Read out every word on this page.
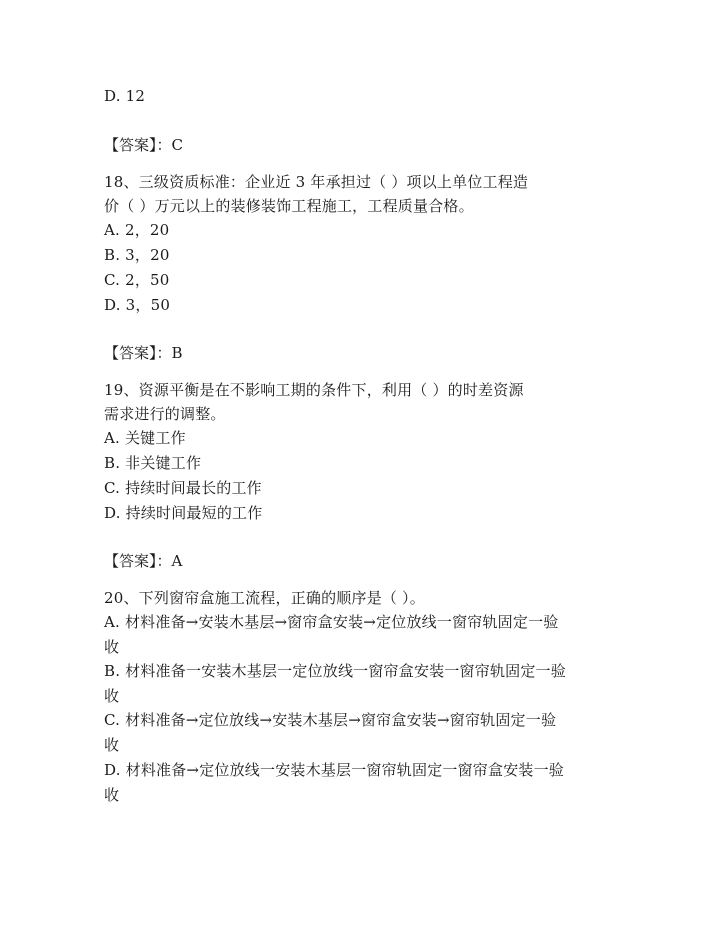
D. 12
【答案】：C
18、三级资质标准：企业近 3 年承担过（ ）项以上单位工程造
价（ ）万元以上的装修装饰工程施工，工程质量合格。
A. 2，20
B. 3，20
C. 2，50
D. 3，50
【答案】：B
19、资源平衡是在不影响工期的条件下，利用（ ）的时差资源
需求进行的调整。
A. 关键工作
B. 非关键工作
C. 持续时间最长的工作
D. 持续时间最短的工作
【答案】：A
20、下列窗帘盒施工流程，正确的顺序是（ ）。
A. 材料准备→安装木基层→窗帘盒安装→定位放线一窗帘轨固定一验
收
B. 材料准备一安装木基层一定位放线一窗帘盒安装一窗帘轨固定一验
收
C. 材料准备→定位放线→安装木基层→窗帘盒安装→窗帘轨固定一验
收
D. 材料准备→定位放线一安装木基层一窗帘轨固定一窗帘盒安装一验
收
